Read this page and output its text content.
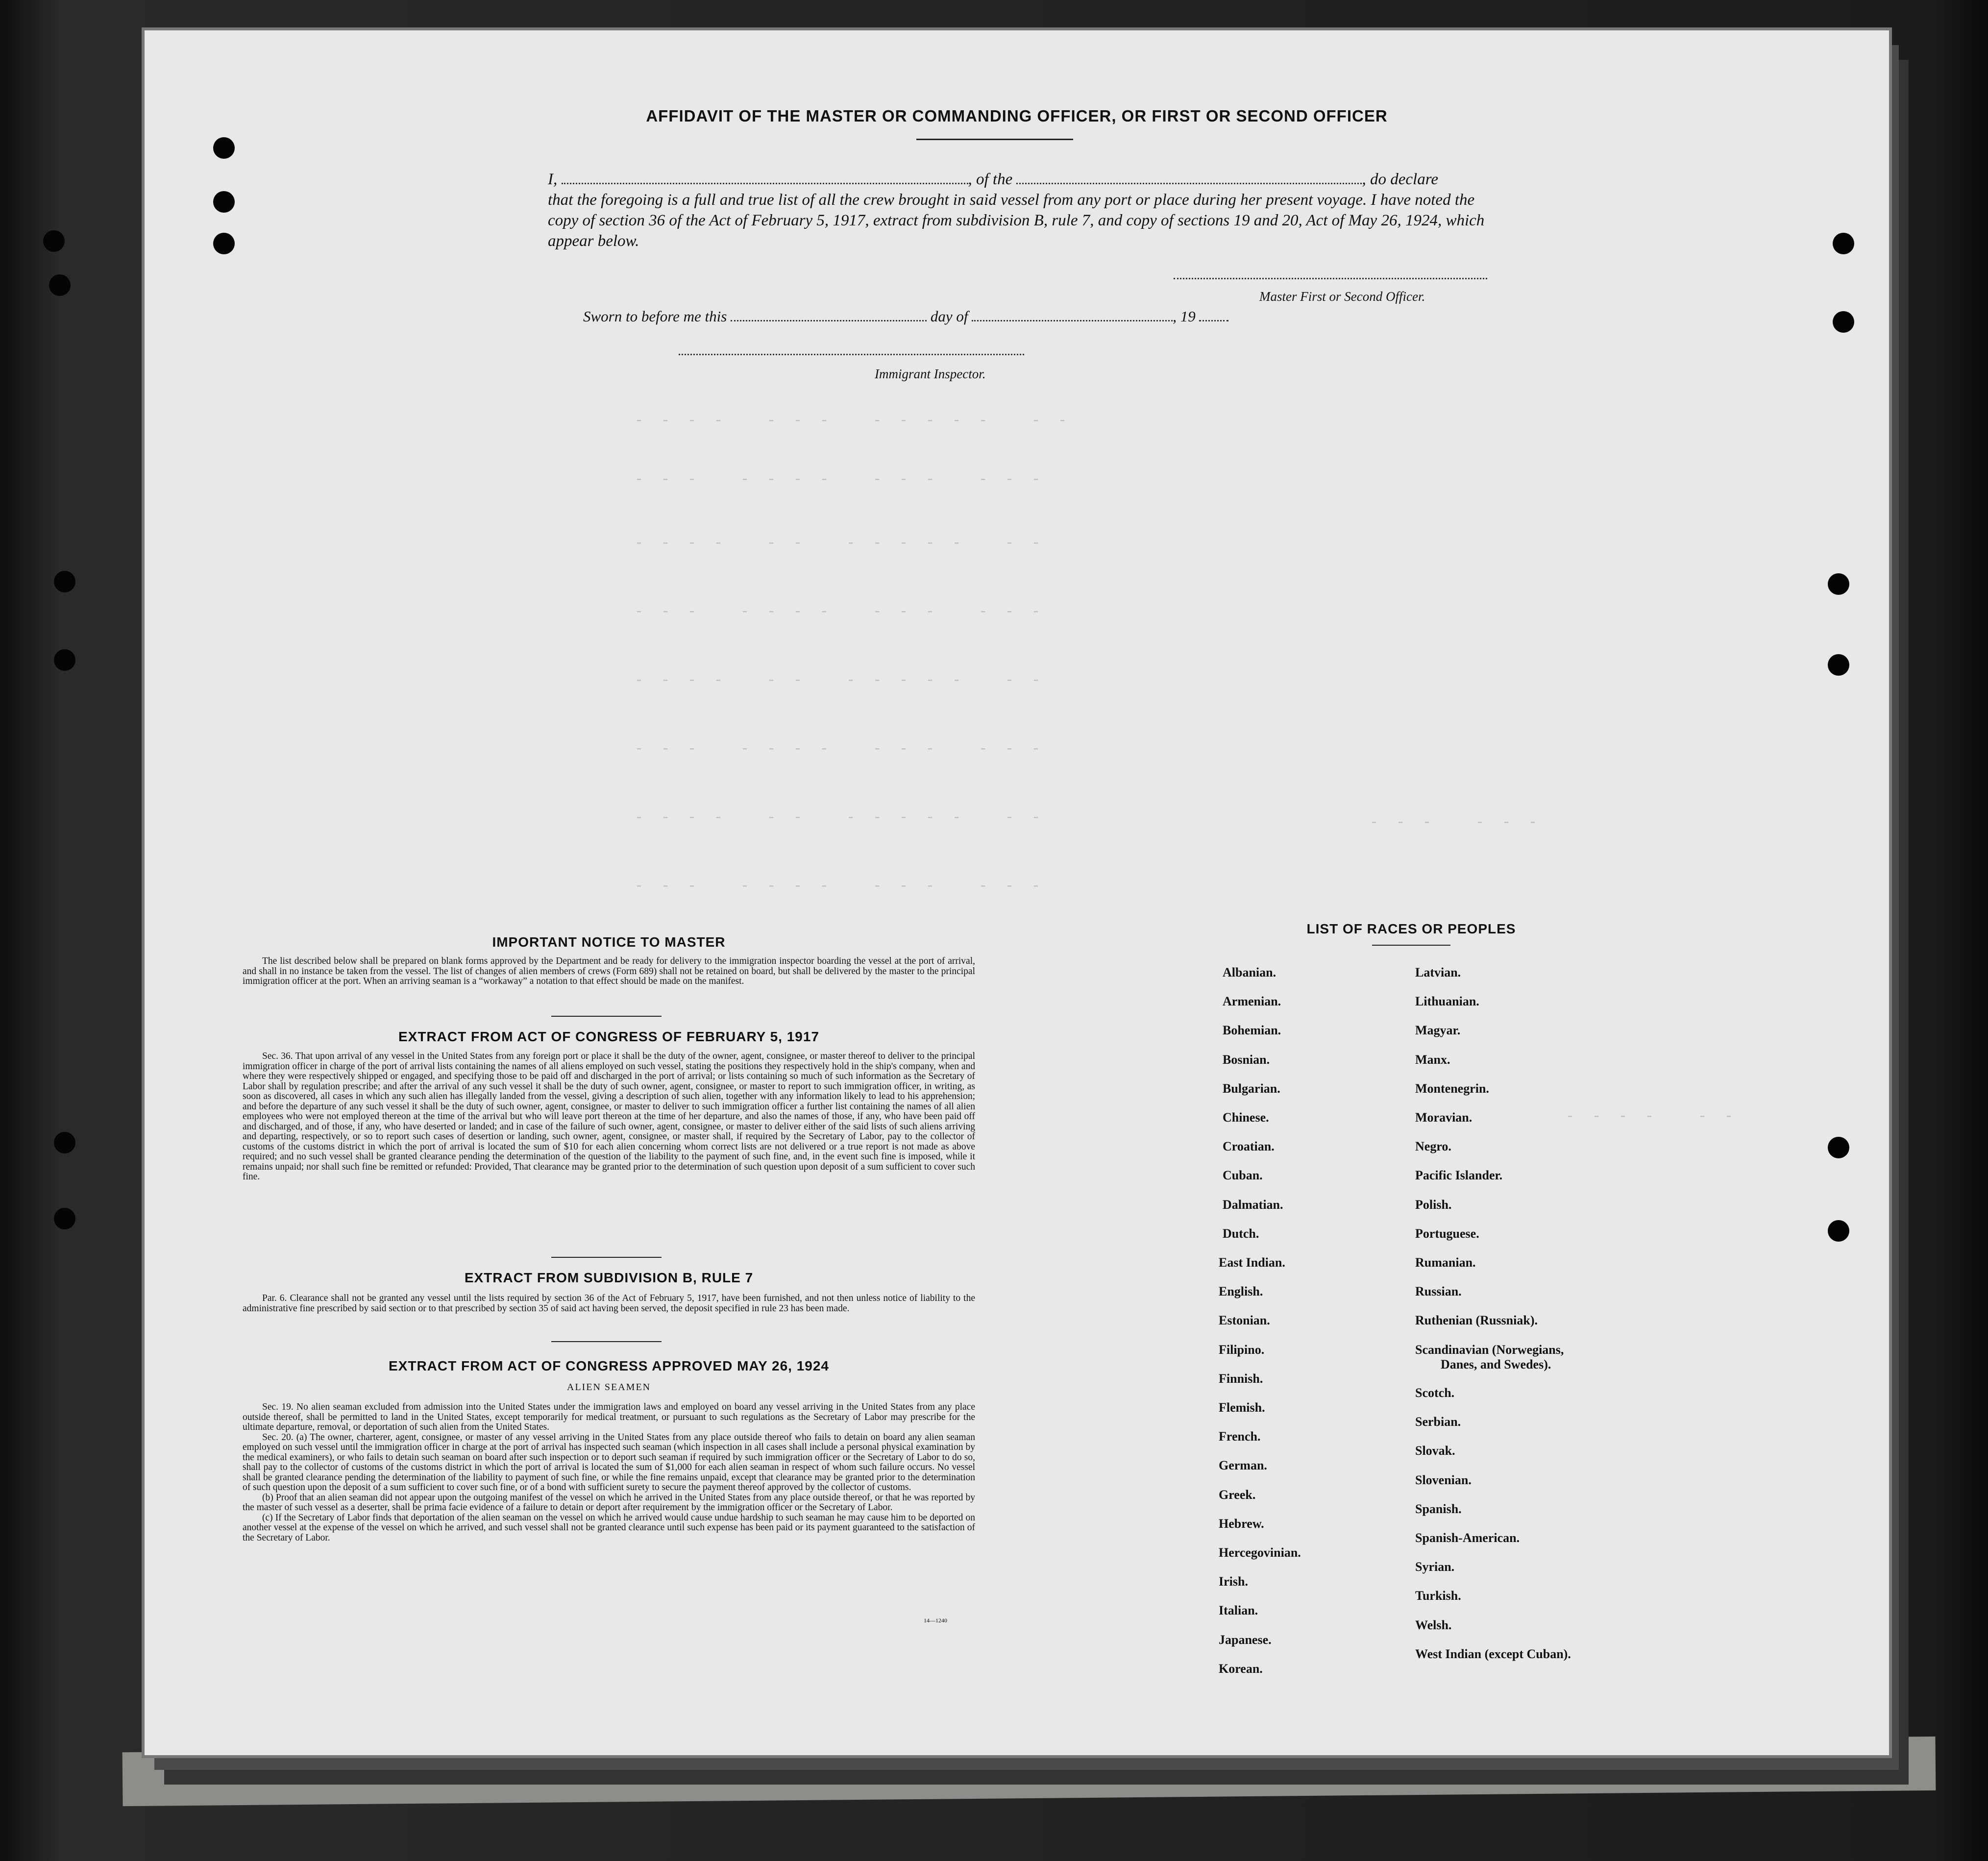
-  -  -  -     -  -  -     -  -  -  -  -     -  -
-  -  -     -  -  -  -     -  -  -     -  -  -
-  -  -  -     -  -     -  -  -  -  -     -  -
-  -  -     -  -  -  -     -  -  -     -  -  -
-  -  -  -     -  -     -  -  -  -  -     -  -
-  -  -     -  -  -  -     -  -  -     -  -  -
-  -  -  -     -  -     -  -  -  -  -     -  -
-  -  -     -  -  -  -     -  -  -     -  -  -
-  -  -     -  -  -
-  -  -  -     -  -
AFFIDAVIT OF THE MASTER OR COMMANDING OFFICER, OR FIRST OR SECOND OFFICER
I,	, of the	, do declare
that the foregoing is a full and true list of all the crew brought in said vessel from any port or place during her present voyage. I have noted the copy of section 36 of the Act of February 5, 1917, extract from subdivision B, rule 7, and copy of sections 19 and 20, Act of May 26, 1924, which appear below.
Master First or Second Officer.
Sworn to before me this	day of	, 19
Immigrant Inspector.
IMPORTANT NOTICE TO MASTER

The list described below shall be prepared on blank forms approved by the Department and be ready for delivery to the immigration inspector boarding the vessel at the port of arrival, and shall in no instance be taken from the vessel. The list of changes of alien members of crews (Form 689) shall not be retained on board, but shall be delivered by the master to the principal immigration officer at the port. When an arriving seaman is a “workaway” a notation to that effect should be made on the manifest.

EXTRACT FROM ACT OF CONGRESS OF FEBRUARY 5, 1917

Sec. 36. That upon arrival of any vessel in the United States from any foreign port or place it shall be the duty of the owner, agent, consignee, or master thereof to deliver to the principal immigration officer in charge of the port of arrival lists containing the names of all aliens employed on such vessel, stating the positions they respectively hold in the ship's company, when and where they were respectively shipped or engaged, and specifying those to be paid off and discharged in the port of arrival; or lists containing so much of such information as the Secretary of Labor shall by regulation prescribe; and after the arrival of any such vessel it shall be the duty of such owner, agent, consignee, or master to report to such immigration officer, in writing, as soon as discovered, all cases in which any such alien has illegally landed from the vessel, giving a description of such alien, together with any information likely to lead to his apprehension; and before the departure of any such vessel it shall be the duty of such owner, agent, consignee, or master to deliver to such immigration officer a further list containing the names of all alien employees who were not employed thereon at the time of the arrival but who will leave port thereon at the time of her departure, and also the names of those, if any, who have been paid off and discharged, and of those, if any, who have deserted or landed; and in case of the failure of such owner, agent, consignee, or master to deliver either of the said lists of such aliens arriving and departing, respectively, or so to report such cases of desertion or landing, such owner, agent, consignee, or master shall, if required by the Secretary of Labor, pay to the collector of customs of the customs district in which the port of arrival is located the sum of $10 for each alien concerning whom correct lists are not delivered or a true report is not made as above required; and no such vessel shall be granted clearance pending the determination of the question of the liability to the payment of such fine, and, in the event such fine is imposed, while it remains unpaid; nor shall such fine be remitted or refunded: Provided, That clearance may be granted prior to the determination of such question upon deposit of a sum sufficient to cover such fine.

EXTRACT FROM SUBDIVISION B, RULE 7

Par. 6. Clearance shall not be granted any vessel until the lists required by section 36 of the Act of February 5, 1917, have been furnished, and not then unless notice of liability to the administrative fine prescribed by said section or to that prescribed by section 35 of said act having been served, the deposit specified in rule 23 has been made.

EXTRACT FROM ACT OF CONGRESS APPROVED MAY 26, 1924
ALIEN SEAMEN

Sec. 19. No alien seaman excluded from admission into the United States under the immigration laws and employed on board any vessel arriving in the United States from any place outside thereof, shall be permitted to land in the United States, except temporarily for medical treatment, or pursuant to such regulations as the Secretary of Labor may prescribe for the ultimate departure, removal, or deportation of such alien from the United States.

Sec. 20. (a) The owner, charterer, agent, consignee, or master of any vessel arriving in the United States from any place outside thereof who fails to detain on board any alien seaman employed on such vessel until the immigration officer in charge at the port of arrival has inspected such seaman (which inspection in all cases shall include a personal physical examination by the medical examiners), or who fails to detain such seaman on board after such inspection or to deport such seaman if required by such immigration officer or the Secretary of Labor to do so, shall pay to the collector of customs of the customs district in which the port of arrival is located the sum of $1,000 for each alien seaman in respect of whom such failure occurs. No vessel shall be granted clearance pending the determination of the liability to payment of such fine, or while the fine remains unpaid, except that clearance may be granted prior to the determination of such question upon the deposit of a sum sufficient to cover such fine, or of a bond with sufficient surety to secure the payment thereof approved by the collector of customs.

(b) Proof that an alien seaman did not appear upon the outgoing manifest of the vessel on which he arrived in the United States from any place outside thereof, or that he was reported by the master of such vessel as a deserter, shall be prima facie evidence of a failure to detain or deport after requirement by the immigration officer or the Secretary of Labor.

(c) If the Secretary of Labor finds that deportation of the alien seaman on the vessel on which he arrived would cause undue hardship to such seaman he may cause him to be deported on another vessel at the expense of the vessel on which he arrived, and such vessel shall not be granted clearance until such expense has been paid or its payment guaranteed to the satisfaction of the Secretary of Labor.

14—1240
LIST OF RACES OR PEOPLES
Albanian.
Armenian.
Bohemian.
Bosnian.
Bulgarian.
Chinese.
Croatian.
Cuban.
Dalmatian.
Dutch.
East Indian.
English.
Estonian.
Filipino.
Finnish.
Flemish.
French.
German.
Greek.
Hebrew.
Hercegovinian.
Irish.
Italian.
Japanese.
Korean.
Latvian.
Lithuanian.
Magyar.
Manx.
Montenegrin.
Moravian.
Negro.
Pacific Islander.
Polish.
Portuguese.
Rumanian.
Russian.
Ruthenian (Russniak).
Scandinavian (Norwegians,
Danes, and Swedes).
Scotch.
Serbian.
Slovak.
Slovenian.
Spanish.
Spanish-American.
Syrian.
Turkish.
Welsh.
West Indian (except Cuban).
